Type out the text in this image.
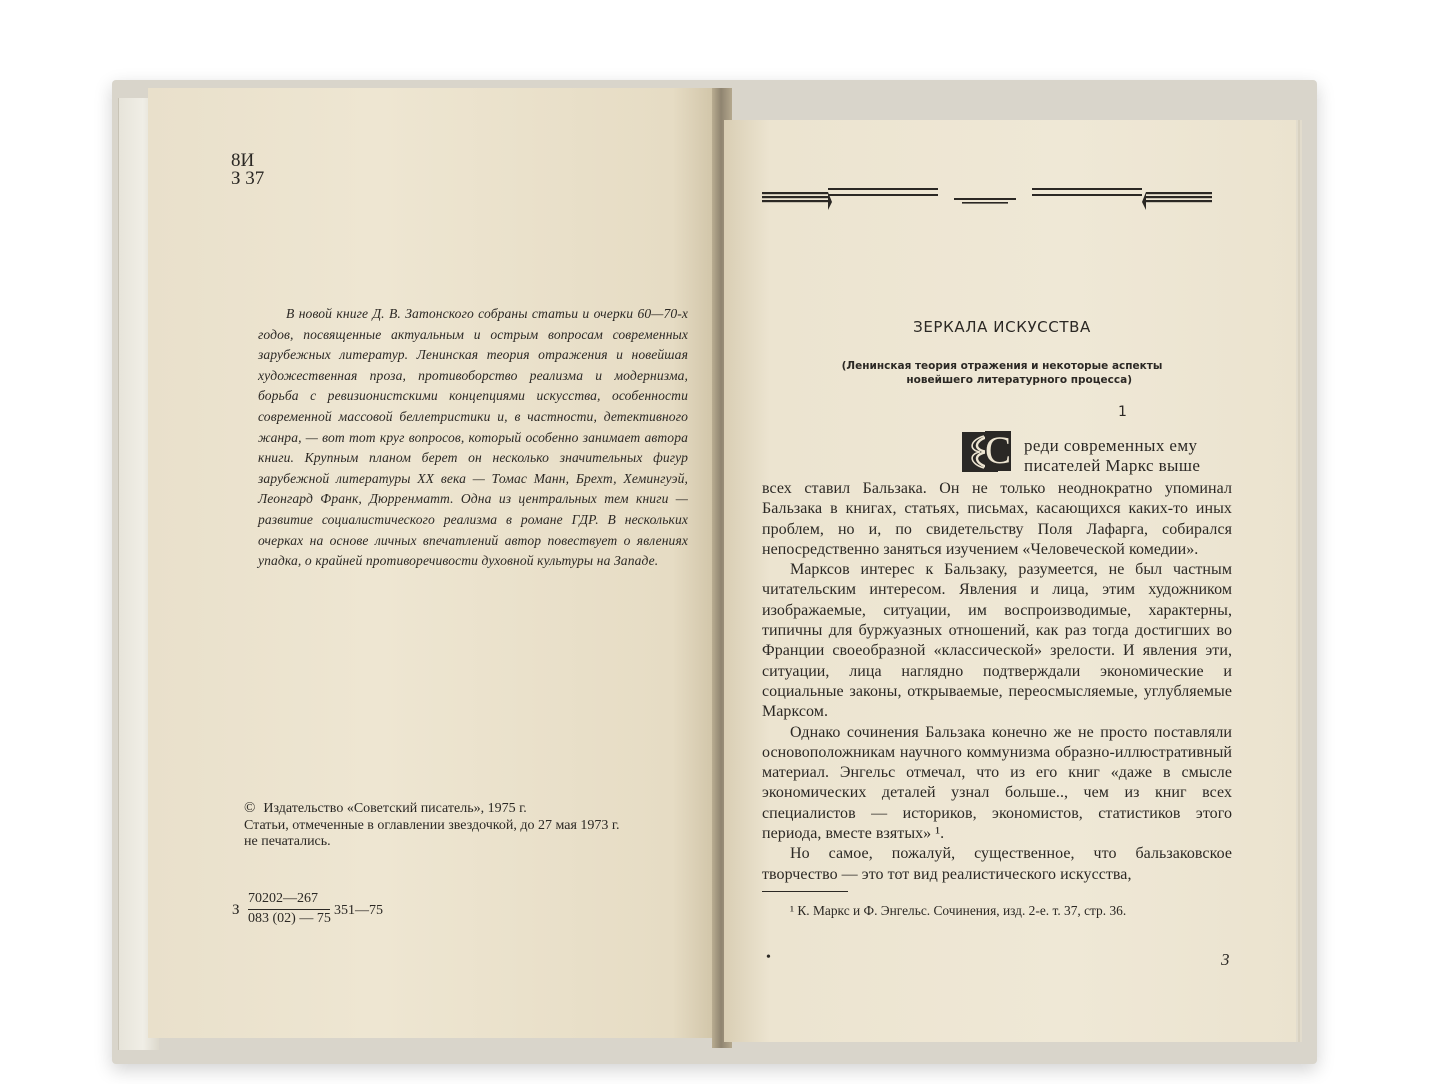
8И
З 37
В новой книге Д. В. Затонского собраны статьи и очерки 60—70-х годов, посвященные актуальным и острым вопросам современных зарубежных литератур. Ленинская теория отражения и новейшая художественная проза, противоборство реализма и модернизма, борьба с ревизионистскими концепциями искусства, особенности современной массовой беллетристики и, в частности, детективного жанра, — вот тот круг вопросов, который особенно занимает автора книги. Крупным планом берет он несколько значительных фигур зарубежной литературы XX века — Томас Манн, Брехт, Хемингуэй, Леонгард Франк, Дюрренматт. Одна из центральных тем книги — развитие социалистического реализма в романе ГДР. В нескольких очерках на основе личных впечатлений автор повествует о явлениях упадка, о крайней противоречивости духовной культуры на Западе.
© Издательство «Советский писатель», 1975 г.
Статьи, отмеченные в оглавлении звездочкой, до 27 мая 1973 г.
не печатались.
З
70202—267
083 (02) — 75
351—75
ЗЕРКАЛА ИСКУССТВА
(Ленинская теория отражения и некоторые аспекты
новейшего литературного процесса)
1
С реди современных ему
писателей Маркс выше

всех ставил Бальзака. Он не только неоднократно упоминал Бальзака в книгах, статьях, письмах, касающихся каких-то иных проблем, но и, по свидетельству Поля Лафарга, собирался непосредственно заняться изучением «Человеческой комедии».

Марксов интерес к Бальзаку, разумеется, не был частным читательским интересом. Явления и лица, этим художником изображаемые, ситуации, им воспроизводимые, характерны, типичны для буржуазных отношений, как раз тогда достигших во Франции своеобразной «классической» зрелости. И явления эти, ситуации, лица наглядно подтверждали экономические и социальные законы, открываемые, переосмысляемые, углубляемые Марксом.

Однако сочинения Бальзака конечно же не просто поставляли основоположникам научного коммунизма образно-иллюстративный материал. Энгельс отмечал, что из его книг «даже в смысле экономических деталей узнал больше.., чем из книг всех специалистов — историков, экономистов, статистиков этого периода, вместе взятых» ¹.

Но самое, пожалуй, существенное, что бальзаковское творчество — это тот вид реалистического искусства,

¹ К. Маркс и Ф. Энгельс. Сочинения, изд. 2-е. т. 37, стр. 36.
•	3
